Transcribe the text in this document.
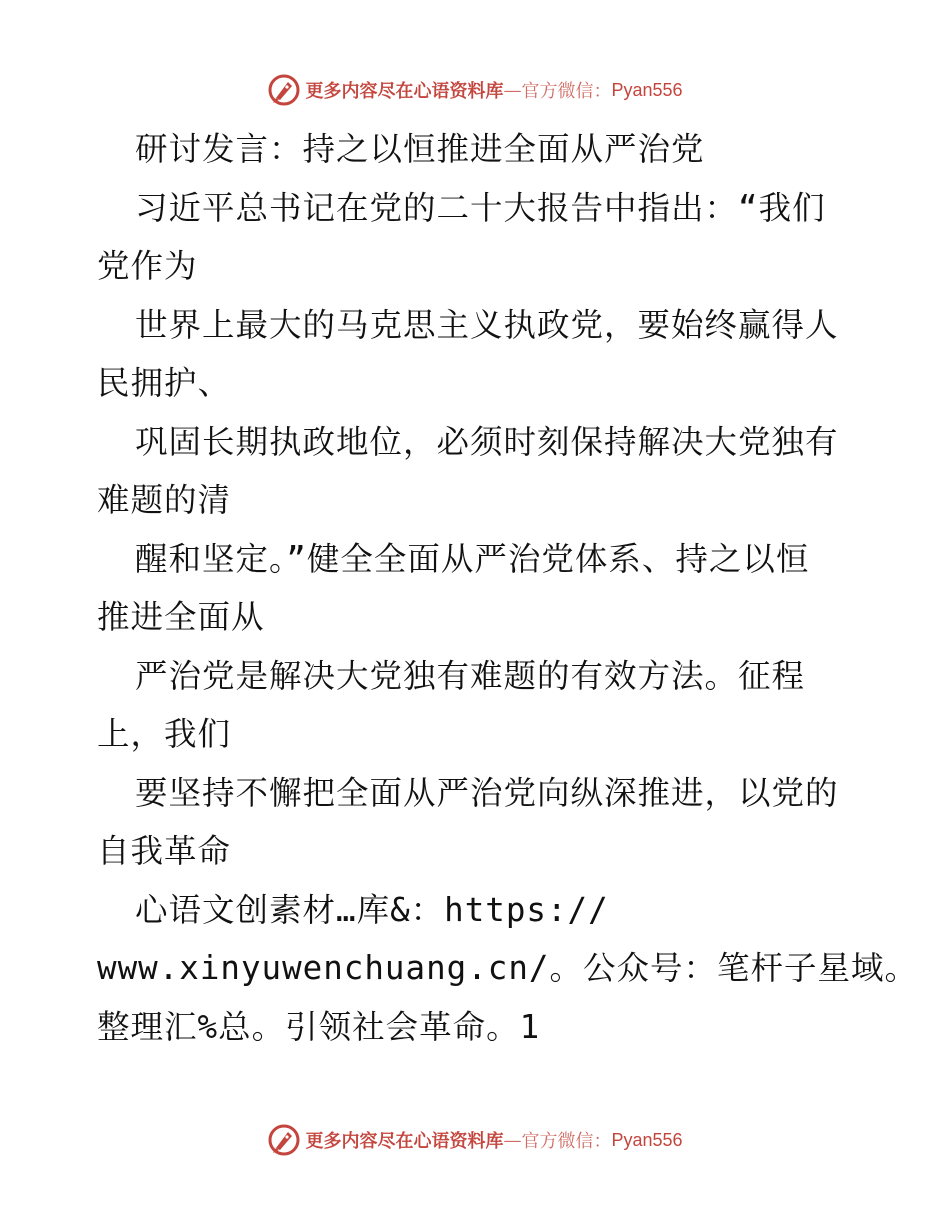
更多内容尽在心语资料库 — 官方微信： Pyan556
研讨发言：持之以恒推进全面从严治党
习近平总书记在党的二十大报告中指出：“我们
党作为
世界上最大的马克思主义执政党，要始终赢得人
民拥护、
巩固长期执政地位，必须时刻保持解决大党独有
难题的清
醒和坚定。”健全全面从严治党体系、持之以恒
推进全面从
严治党是解决大党独有难题的有效方法。征程
上，我们
要坚持不懈把全面从严治党向纵深推进，以党的
自我革命
心语文创素材…库&：https://
www.xinyuwenchuang.cn/。公众号：笔杆子星域。
整理汇%总。引领社会革命。1
更多内容尽在心语资料库 — 官方微信： Pyan556
